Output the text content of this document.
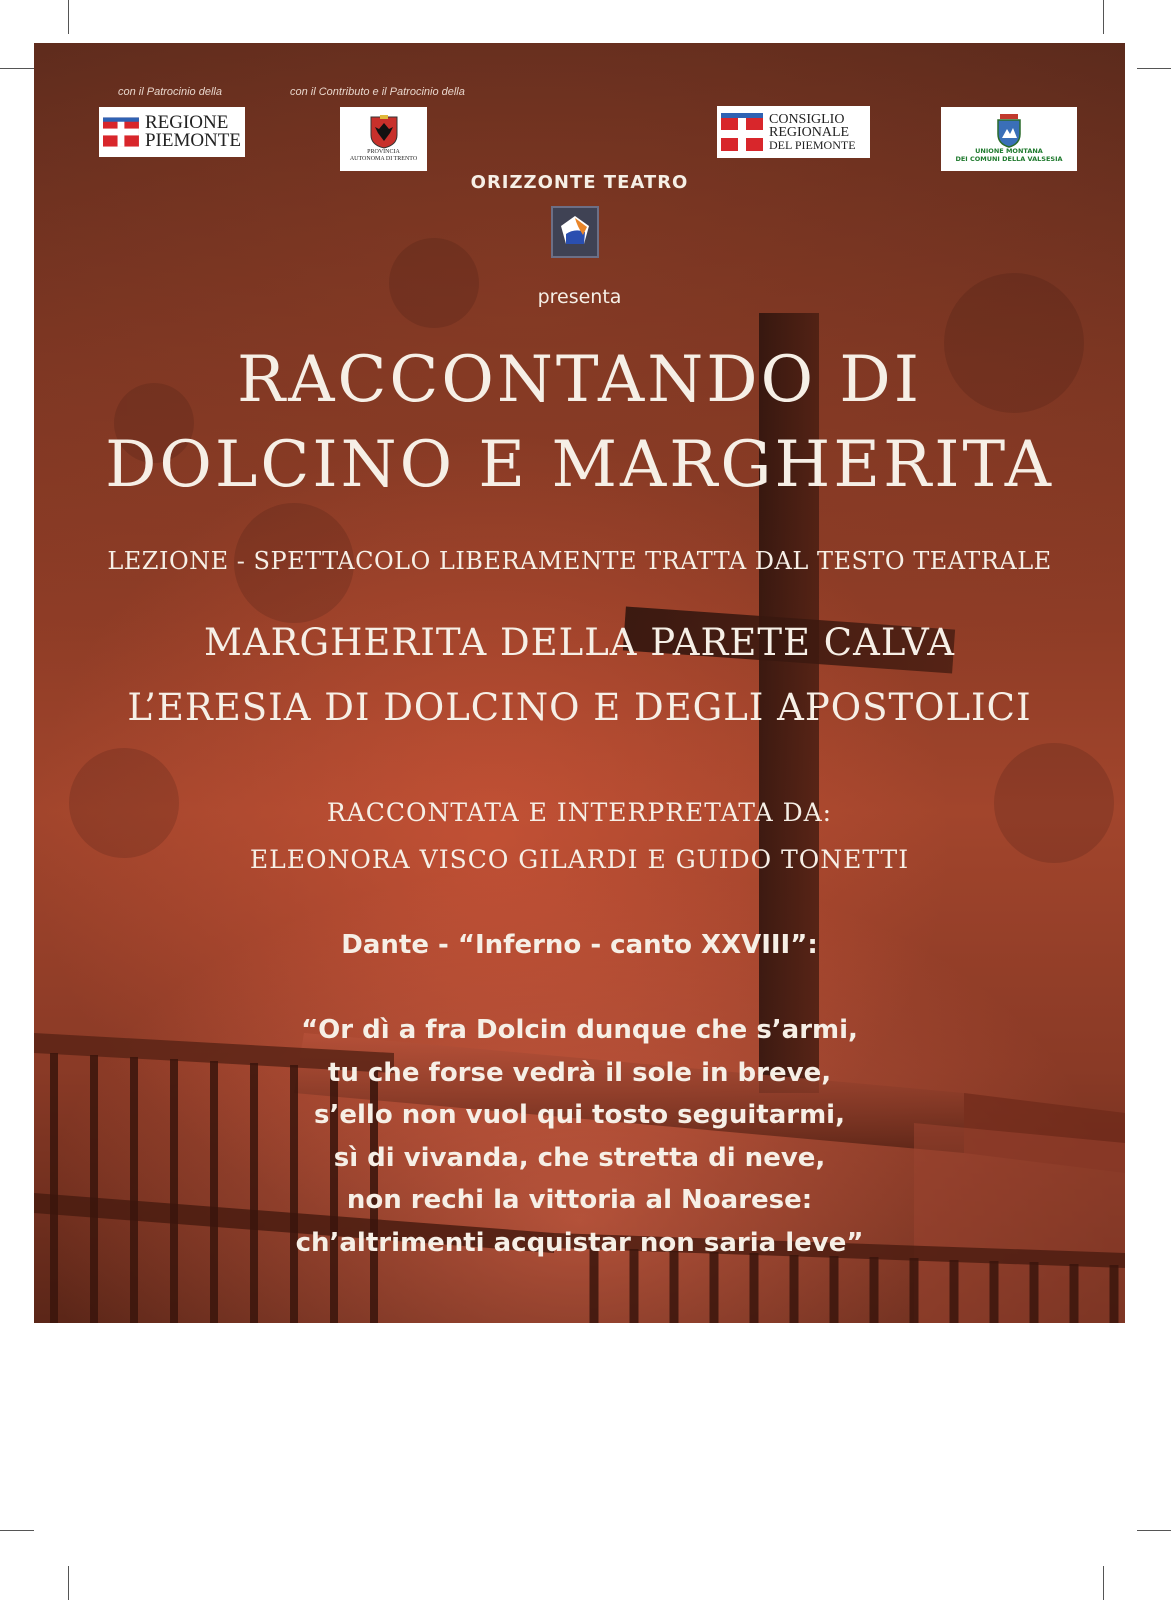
con il Patrocinio della	con il Contributo e il Patrocinio della
REGIONE
PIEMONTE
PROVINCIA
AUTONOMA DI TRENTO
CONSIGLIO
REGIONALE
DEL PIEMONTE	UNIONE MONTANA
DEI COMUNI DELLA VALSESIA
ORIZZONTE TEATRO
presenta
RACCONTANDO DI
DOLCINO E MARGHERITA
LEZIONE - SPETTACOLO LIBERAMENTE TRATTA DAL TESTO TEATRALE
MARGHERITA DELLA PARETE CALVA
L’ERESIA DI DOLCINO E DEGLI APOSTOLICI
RACCONTATA E INTERPRETATA DA:
ELEONORA VISCO GILARDI E GUIDO TONETTI
Dante - “Inferno - canto XXVIII”:
“Or dì a fra Dolcin dunque che s’armi,
tu che forse vedrà il sole in breve,
s’ello non vuol qui tosto seguitarmi,
sì di vivanda, che stretta di neve,
non rechi la vittoria al Noarese:
ch’altrimenti acquistar non saria leve”
